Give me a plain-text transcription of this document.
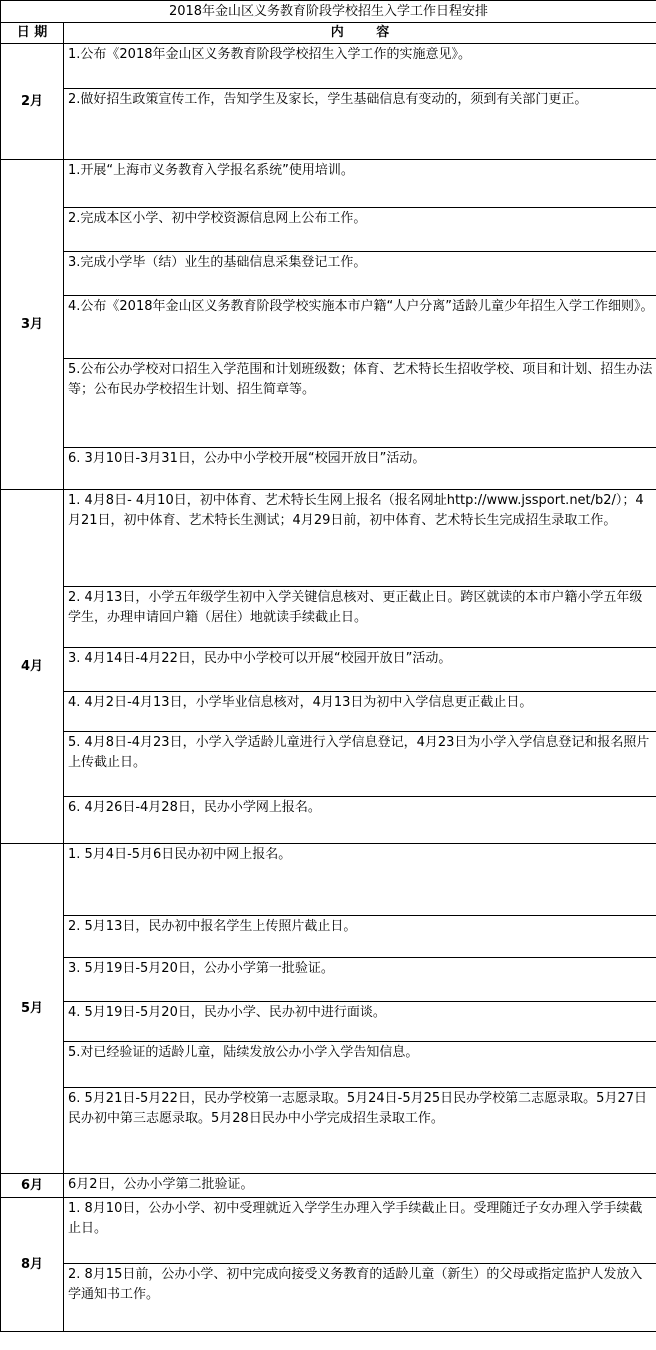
2018年金山区义务教育阶段学校招生入学工作日程安排	
日 期	内 容
2月	1.公布《2018年金山区义务教育阶段学校招生入学工作的实施意见》。

	2.做好招生政策宣传工作，告知学生及家长，学生基础信息有变动的，须到有关部门更正。

3月	1.开展“上海市义务教育入学报名系统”使用培训。

	2.完成本区小学、初中学校资源信息网上公布工作。

	3.完成小学毕（结）业生的基础信息采集登记工作。

	4.公布《2018年金山区义务教育阶段学校实施本市户籍“人户分离”适龄儿童少年招生入学工作细则》。

	5.公布公办学校对口招生入学范围和计划班级数；体育、艺术特长生招收学校、项目和计划、招生办法等；公布民办学校招生计划、招生简章等。

	6. 3月10日-3月31日，公办中小学校开展“校园开放日”活动。

4月	1. 4月8日- 4月10日，初中体育、艺术特长生网上报名（报名网址http://www.jssport.net/b2/）；4月21日，初中体育、艺术特长生测试；4月29日前，初中体育、艺术特长生完成招生录取工作。

	2. 4月13日，小学五年级学生初中入学关键信息核对、更正截止日。跨区就读的本市户籍小学五年级学生，办理申请回户籍（居住）地就读手续截止日。

	3. 4月14日-4月22日，民办中小学校可以开展“校园开放日”活动。

	4. 4月2日-4月13日，小学毕业信息核对，4月13日为初中入学信息更正截止日。

	5. 4月8日-4月23日，小学入学适龄儿童进行入学信息登记，4月23日为小学入学信息登记和报名照片上传截止日。

	6. 4月26日-4月28日，民办小学网上报名。

5月	1. 5月4日-5月6日民办初中网上报名。

	2. 5月13日，民办初中报名学生上传照片截止日。

	3. 5月19日-5月20日，公办小学第一批验证。

	4. 5月19日-5月20日，民办小学、民办初中进行面谈。

	5.对已经验证的适龄儿童，陆续发放公办小学入学告知信息。

	6. 5月21日-5月22日，民办学校第一志愿录取。5月24日-5月25日民办学校第二志愿录取。5月27日民办初中第三志愿录取。5月28日民办中小学完成招生录取工作。

6月	6月2日，公办小学第二批验证。

8月	1. 8月10日，公办小学、初中受理就近入学学生办理入学手续截止日。受理随迁子女办理入学手续截止日。

	2. 8月15日前，公办小学、初中完成向接受义务教育的适龄儿童（新生）的父母或指定监护人发放入学通知书工作。
